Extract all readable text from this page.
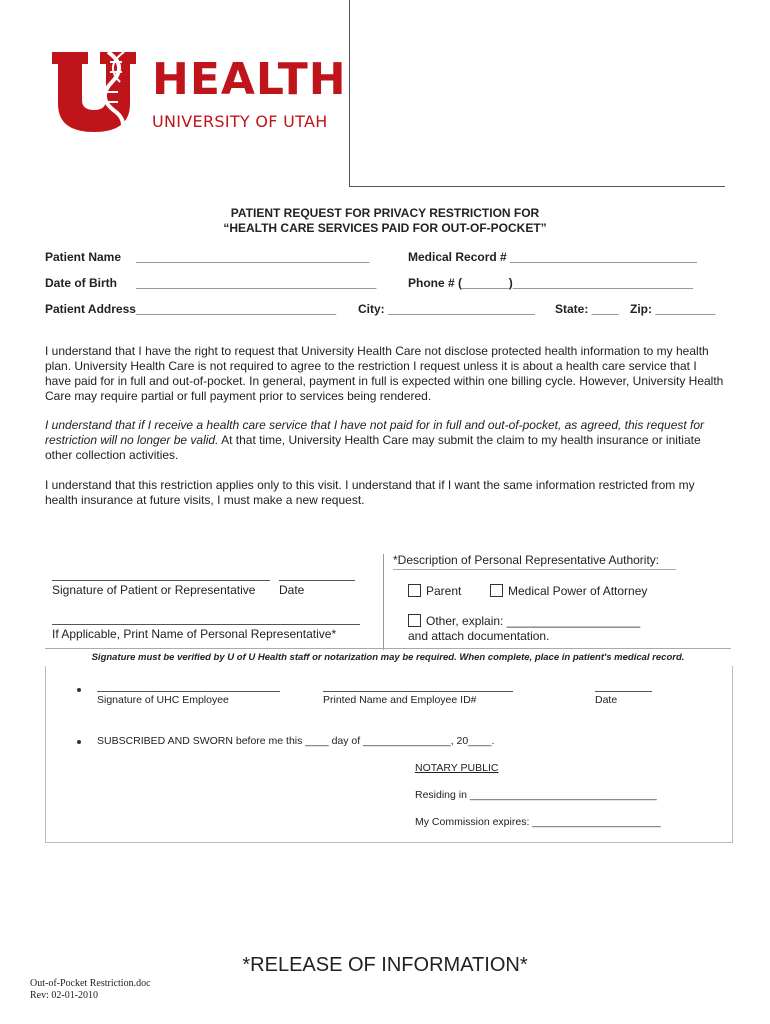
HEALTH
UNIVERSITY OF UTAH
PATIENT REQUEST FOR PRIVACY RESTRICTION FOR
“HEALTH CARE SERVICES PAID FOR OUT-OF-POCKET”
Patient Name ___________________________________	Medical Record # ____________________________
Date of Birth ____________________________________	Phone # (_______)___________________________
Patient Address______________________________ City: ______________________ State: ____ Zip: _________
I understand that I have the right to request that University Health Care not disclose protected health information to my health plan. University Health Care is not required to agree to the restriction I request unless it is about a health care service that I have paid for in full and out-of-pocket. In general, payment in full is expected within one billing cycle. However, University Health Care may require partial or full payment prior to services being rendered.
I understand that if I receive a health care service that I have not paid for in full and out-of-pocket, as agreed, this request for restriction will no longer be valid. At that time, University Health Care may submit the claim to my health insurance or initiate other collection activities.
I understand that this restriction applies only to this visit. I understand that if I want the same information restricted from my health insurance at future visits, I must make a new request.
*Description of Personal Representative Authority:
Signature of Patient or Representative Date
If Applicable, Print Name of Personal Representative*
Parent	Medical Power of Attorney
Other, explain: ____________________
and attach documentation.
Signature must be verified by U of U Health staff or notarization may be required. When complete, place in patient's medical record.
Signature of UHC Employee	Printed Name and Employee ID#	Date
SUBSCRIBED AND SWORN before me this ____ day of _______________, 20____.
NOTARY PUBLIC
Residing in ________________________________
My Commission expires: ______________________
*RELEASE OF INFORMATION*
Out-of-Pocket Restriction.doc
Rev: 02-01-2010
